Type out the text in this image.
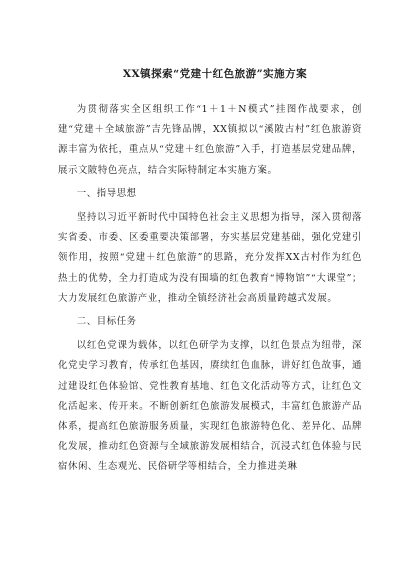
XX镇探索“党建十红色旅游”实施方案

为贯彻落实全区组织工作“1＋1＋N模式”挂图作战要求，创建“党建＋全域旅游”吉先锋品牌，XX镇拟以“溪陂古村”红色旅游资源丰富为依托，重点从“党建＋红色旅游”入手，打造基层党建品牌，展示文陂特色亮点，结合实际特制定本实施方案。

一、指导思想

坚持以习近平新时代中国特色社会主义思想为指导，深入贯彻落实省委、市委、区委重要决策部署，夯实基层党建基础，强化党建引领作用，按照“党建＋红色旅游”的思路，充分发挥XX古村作为红色热土的优势，全力打造成为没有围墙的红色教育“博物馆”“大课堂”；大力发展红色旅游产业，推动全镇经济社会高质量跨越式发展。

二、目标任务

以红色党课为载体，以红色研学为支撑，以红色景点为纽带，深化党史学习教育，传承红色基因，赓续红色血脉，讲好红色故事，通过建设红色体验馆、党性教育基地、红色文化活动等方式，让红色文化活起来、传开来。不断创新红色旅游发展模式，丰富红色旅游产品体系，提高红色旅游服务质量，实现红色旅游特色化、差异化、品牌化发展，推动红色资源与全域旅游发展相结合，沉浸式红色体验与民宿休闲、生态观光、民俗研学等相结合，全力推进美琳
